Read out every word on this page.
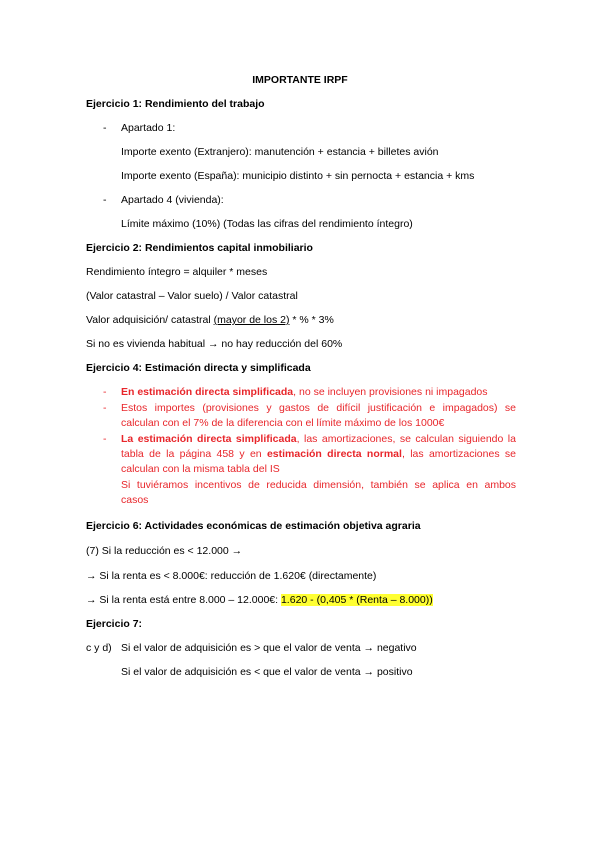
IMPORTANTE IRPF
Ejercicio 1: Rendimiento del trabajo
- Apartado 1:
Importe exento (Extranjero): manutención + estancia + billetes avión
Importe exento (España): municipio distinto + sin pernocta + estancia + kms
- Apartado 4 (vivienda):
Límite máximo (10%) (Todas las cifras del rendimiento íntegro)
Ejercicio 2: Rendimientos capital inmobiliario
Rendimiento íntegro = alquiler * meses
(Valor catastral – Valor suelo) / Valor catastral
Valor adquisición/ catastral (mayor de los 2) * % * 3%
Si no es vivienda habitual → no hay reducción del 60%
Ejercicio 4: Estimación directa y simplificada
- En estimación directa simplificada, no se incluyen provisiones ni impagados
- Estos importes (provisiones y gastos de difícil justificación e impagados) se
calculan con el 7% de la diferencia con el límite máximo de los 1000€
- La estimación directa simplificada, las amortizaciones, se calculan siguiendo la
tabla de la página 458 y en estimación directa normal, las amortizaciones se
calculan con la misma tabla del IS
Si tuviéramos incentivos de reducida dimensión, también se aplica en ambos
casos
Ejercicio 6: Actividades económicas de estimación objetiva agraria
(7) Si la reducción es < 12.000 →
→ Si la renta es < 8.000€: reducción de 1.620€ (directamente)
→ Si la renta está entre 8.000 – 12.000€: 1.620 - (0,405 * (Renta – 8.000))
Ejercicio 7:
c y d) Si el valor de adquisición es > que el valor de venta → negativo
Si el valor de adquisición es < que el valor de venta → positivo
